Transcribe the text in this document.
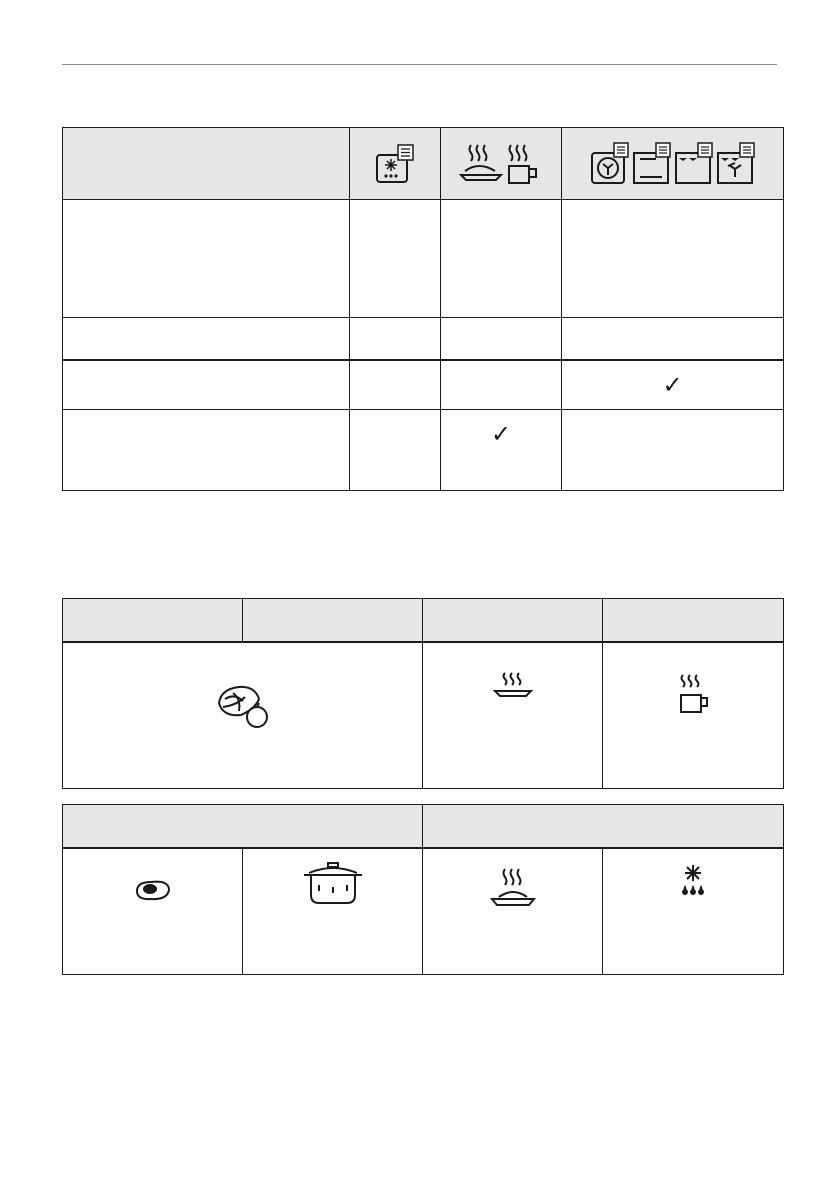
			✓
		✓	
